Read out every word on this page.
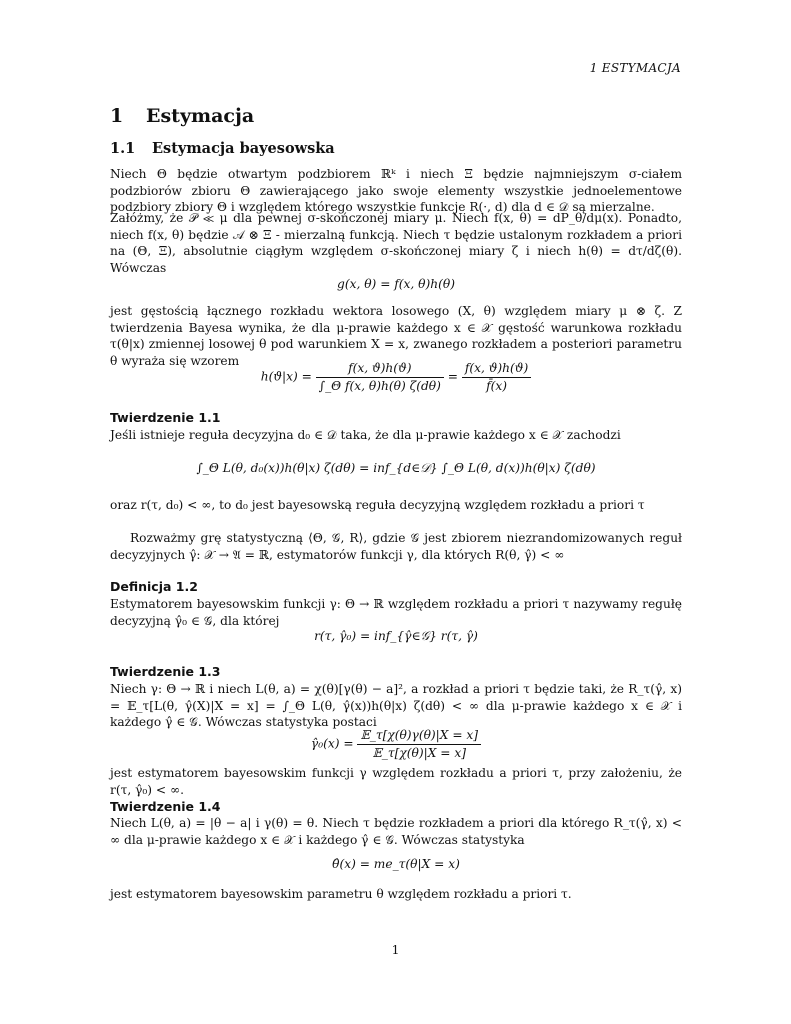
1 ESTYMACJA
1 Estymacja
1.1 Estymacja bayesowska
Niech Θ będzie otwartym podzbiorem ℝᵏ i niech Ξ będzie najmniejszym σ-ciałem podzbiorów zbioru Θ zawierającego jako swoje elementy wszystkie jednoelementowe podzbiory zbiory Θ i względem którego wszystkie funkcje R(·, d) dla d ∈ 𝒟 są mierzalne.
Załóżmy, że 𝒫 ≪ μ dla pewnej σ-skończonej miary μ. Niech f(x, θ) = dP_θ/dμ(x). Ponadto, niech f(x, θ) będzie 𝒜 ⊗ Ξ - mierzalną funkcją. Niech τ będzie ustalonym rozkładem a priori na (Θ, Ξ), absolutnie ciągłym względem σ-skończonej miary ζ i niech h(θ) = dτ/dζ(θ). Wówczas
g(x, θ) = f(x, θ)h(θ)
jest gęstością łącznego rozkładu wektora losowego (X, θ) względem miary μ ⊗ ζ. Z twierdzenia Bayesa wynika, że dla μ-prawie każdego x ∈ 𝒳 gęstość warunkowa rozkładu τ(θ|x) zmiennej losowej θ pod warunkiem X = x, zwanego rozkładem a posteriori parametru θ wyraża się wzorem
$h(ϑ|x) = \frac{f(x, ϑ)h(ϑ)}{\text{∫\_Θ f(x, θ)h(θ) ζ(dθ)}} = \frac{f(x, ϑ)h(ϑ)}{f̄(x)}$
Twierdzenie 1.1
Jeśli istnieje reguła decyzyjna d₀ ∈ 𝒟 taka, że dla μ-prawie każdego x ∈ 𝒳 zachodzi
∫_Θ L(θ, d₀(x))h(θ|x) ζ(dθ) = inf_{d∈𝒟} ∫_Θ L(θ, d(x))h(θ|x) ζ(dθ)
oraz r(τ, d₀) < ∞, to d₀ jest bayesowską reguła decyzyjną względem rozkładu a priori τ
Rozważmy grę statystyczną ⟨Θ, 𝒢, R⟩, gdzie 𝒢 jest zbiorem niezrandomizowanych reguł decyzyjnych γ̂: 𝒳 → 𝔄 = ℝ, estymatorów funkcji γ, dla których R(θ, γ̂) < ∞
Definicja 1.2
Estymatorem bayesowskim funkcji γ: Θ → ℝ względem rozkładu a priori τ nazywamy regułę decyzyjną γ̂₀ ∈ 𝒢, dla której
r(τ, γ̂₀) = inf_{γ̂∈𝒢} r(τ, γ̂)
Twierdzenie 1.3
Niech γ: Θ → ℝ i niech L(θ, a) = χ(θ)[γ(θ) − a]², a rozkład a priori τ będzie taki, że R_τ(γ̂, x) = 𝔼_τ[L(θ, γ̂(X)|X = x] = ∫_Θ L(θ, γ̂(x))h(θ|x) ζ(dθ) < ∞ dla μ-prawie każdego x ∈ 𝒳 i każdego γ̂ ∈ 𝒢. Wówczas statystyka postaci
γ̂₀(x) = $\frac{\text{𝔼\_τ[χ(θ)γ(θ)|X = x]}}{\text{𝔼\_τ[χ(θ)|X = x]}}$
jest estymatorem bayesowskim funkcji γ względem rozkładu a priori τ, przy założeniu, że r(τ, γ̂₀) < ∞.
Twierdzenie 1.4
Niech L(θ, a) = |θ − a| i γ(θ) = θ. Niech τ będzie rozkładem a priori dla którego R_τ(γ̂, x) < ∞ dla μ-prawie każdego x ∈ 𝒳 i każdego γ̂ ∈ 𝒢. Wówczas statystyka
θ̂(x) = me_τ(θ|X = x)
jest estymatorem bayesowskim parametru θ względem rozkładu a priori τ.
1
